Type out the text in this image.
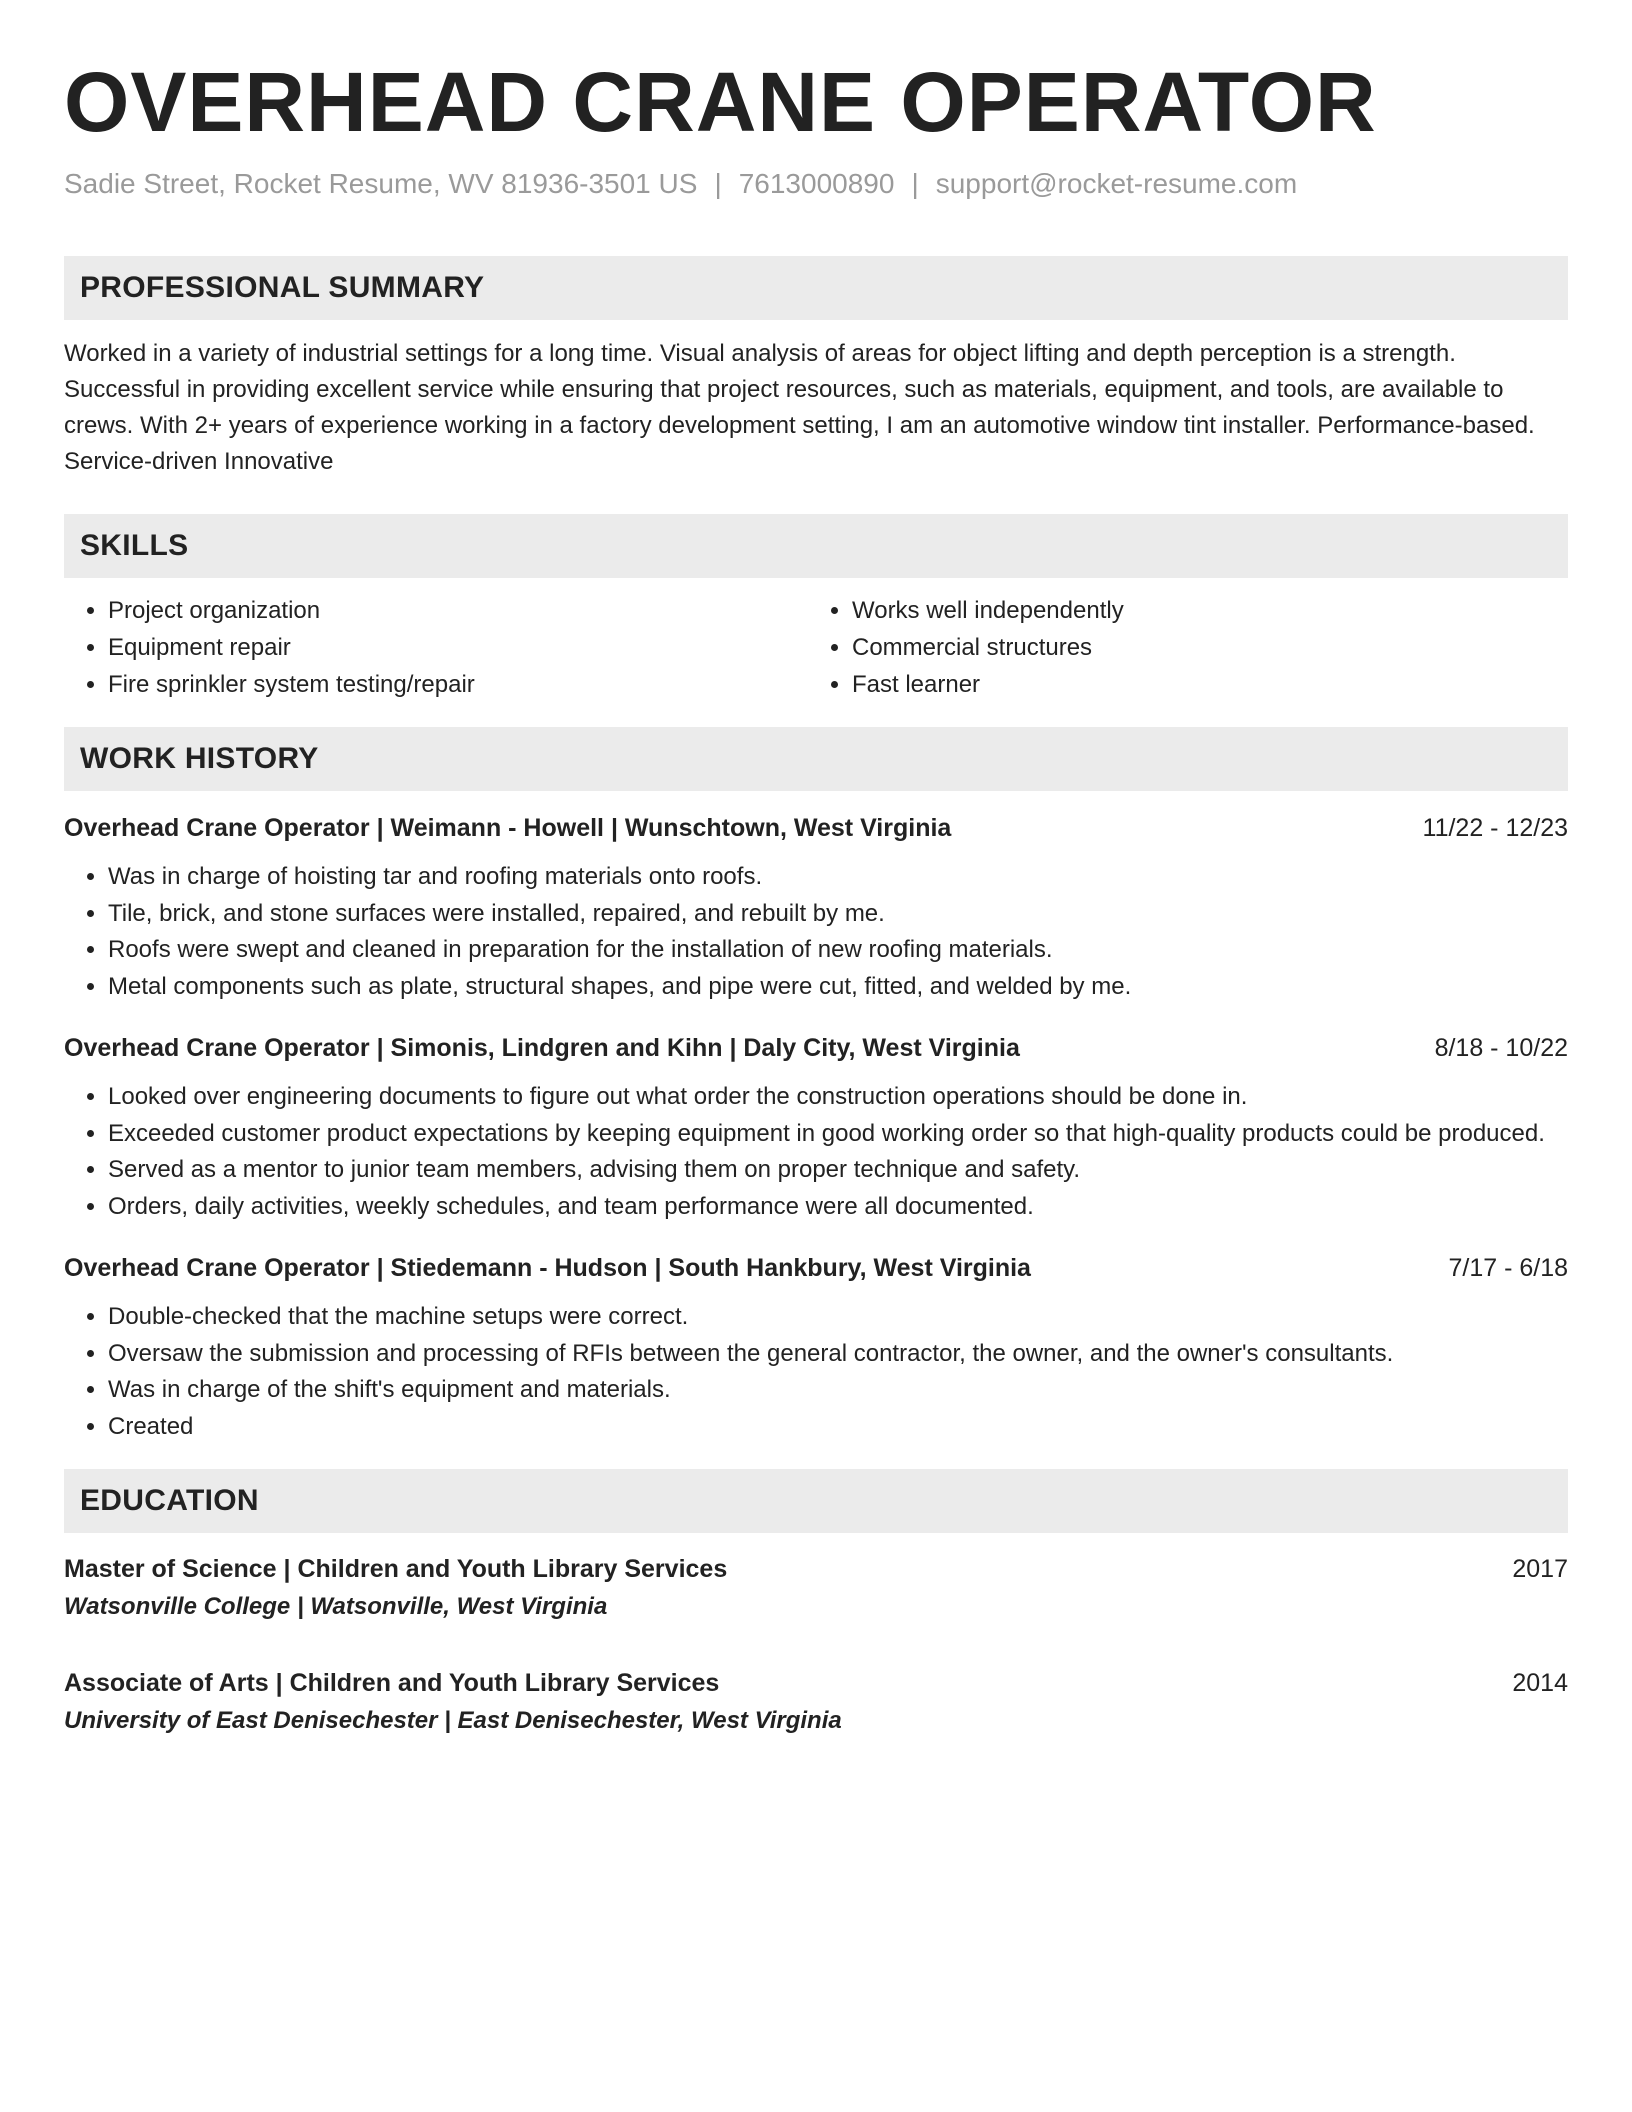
OVERHEAD CRANE OPERATOR
Sadie Street, Rocket Resume, WV 81936-3501 US | 7613000890 | support@rocket-resume.com
PROFESSIONAL SUMMARY
Worked in a variety of industrial settings for a long time. Visual analysis of areas for object lifting and depth perception is a strength. Successful in providing excellent service while ensuring that project resources, such as materials, equipment, and tools, are available to crews. With 2+ years of experience working in a factory development setting, I am an automotive window tint installer. Performance-based. Service-driven Innovative
SKILLS
• Project organization
• Equipment repair
• Fire sprinkler system testing/repair
• Works well independently
• Commercial structures
• Fast learner
WORK HISTORY
Overhead Crane Operator | Weimann - Howell | Wunschtown, West Virginia	11/22 - 12/23
• Was in charge of hoisting tar and roofing materials onto roofs.
• Tile, brick, and stone surfaces were installed, repaired, and rebuilt by me.
• Roofs were swept and cleaned in preparation for the installation of new roofing materials.
• Metal components such as plate, structural shapes, and pipe were cut, fitted, and welded by me.
Overhead Crane Operator | Simonis, Lindgren and Kihn | Daly City, West Virginia	8/18 - 10/22
• Looked over engineering documents to figure out what order the construction operations should be done in.
• Exceeded customer product expectations by keeping equipment in good working order so that high-quality products could be produced.
• Served as a mentor to junior team members, advising them on proper technique and safety.
• Orders, daily activities, weekly schedules, and team performance were all documented.
Overhead Crane Operator | Stiedemann - Hudson | South Hankbury, West Virginia	7/17 - 6/18
• Double-checked that the machine setups were correct.
• Oversaw the submission and processing of RFIs between the general contractor, the owner, and the owner's consultants.
• Was in charge of the shift's equipment and materials.
• Created
EDUCATION
Master of Science | Children and Youth Library Services	2017
Watsonville College | Watsonville, West Virginia
Associate of Arts | Children and Youth Library Services	2014
University of East Denisechester | East Denisechester, West Virginia
